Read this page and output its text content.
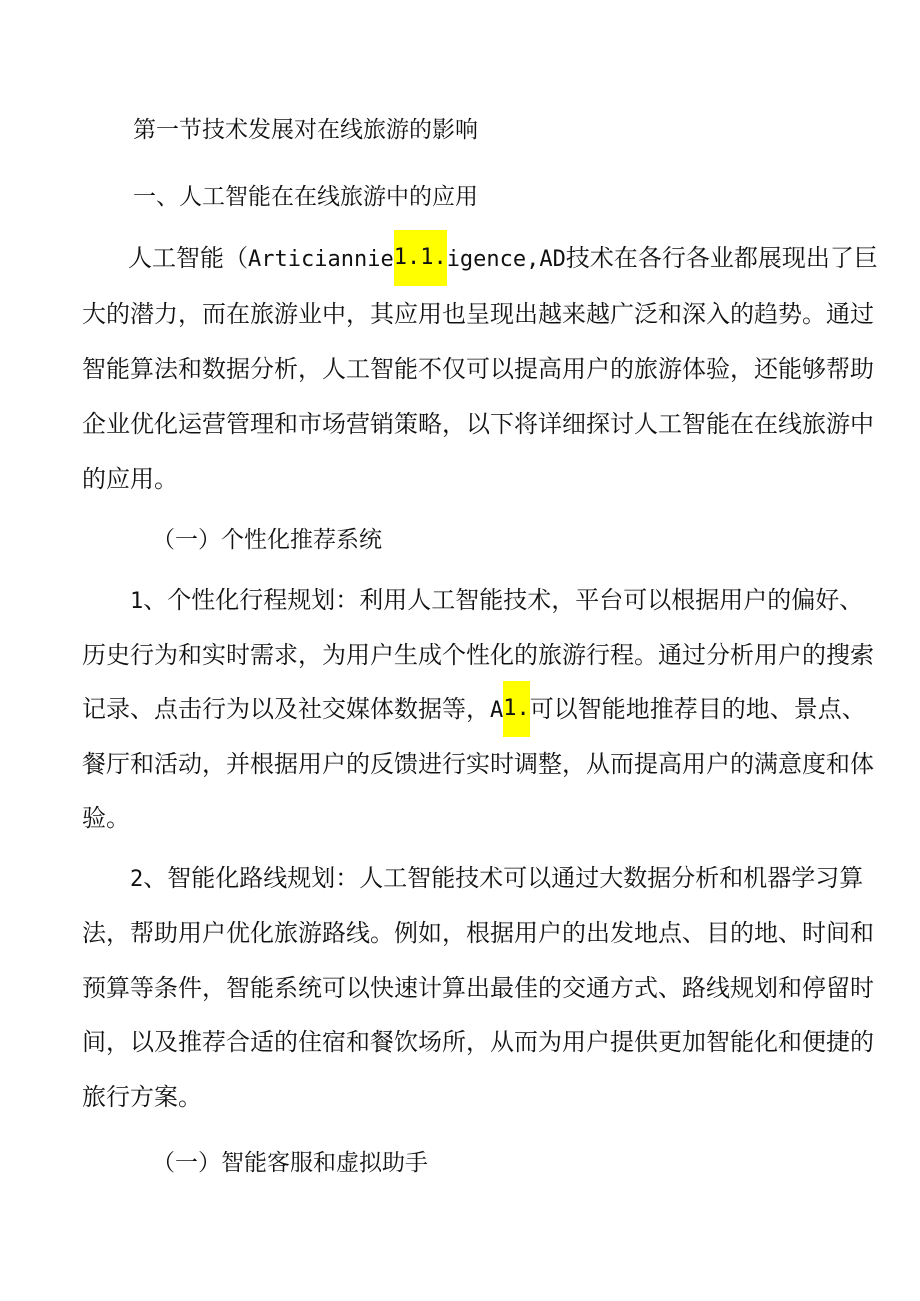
第一节技术发展对在线旅游的影响
一、人工智能在在线旅游中的应用
人工智能（Articiannie1.1.igence,AD技术在各行各业都展现出了巨
大的潜力，而在旅游业中，其应用也呈现出越来越广泛和深入的趋势。通过
智能算法和数据分析，人工智能不仅可以提高用户的旅游体验，还能够帮助
企业优化运营管理和市场营销策略，以下将详细探讨人工智能在在线旅游中
的应用。
（一）个性化推荐系统
1、个性化行程规划：利用人工智能技术，平台可以根据用户的偏好、
历史行为和实时需求，为用户生成个性化的旅游行程。通过分析用户的搜索
记录、点击行为以及社交媒体数据等，A1.可以智能地推荐目的地、景点、
餐厅和活动，并根据用户的反馈进行实时调整，从而提高用户的满意度和体
验。
2、智能化路线规划：人工智能技术可以通过大数据分析和机器学习算
法，帮助用户优化旅游路线。例如，根据用户的出发地点、目的地、时间和
预算等条件，智能系统可以快速计算出最佳的交通方式、路线规划和停留时
间，以及推荐合适的住宿和餐饮场所，从而为用户提供更加智能化和便捷的
旅行方案。
（一）智能客服和虚拟助手
